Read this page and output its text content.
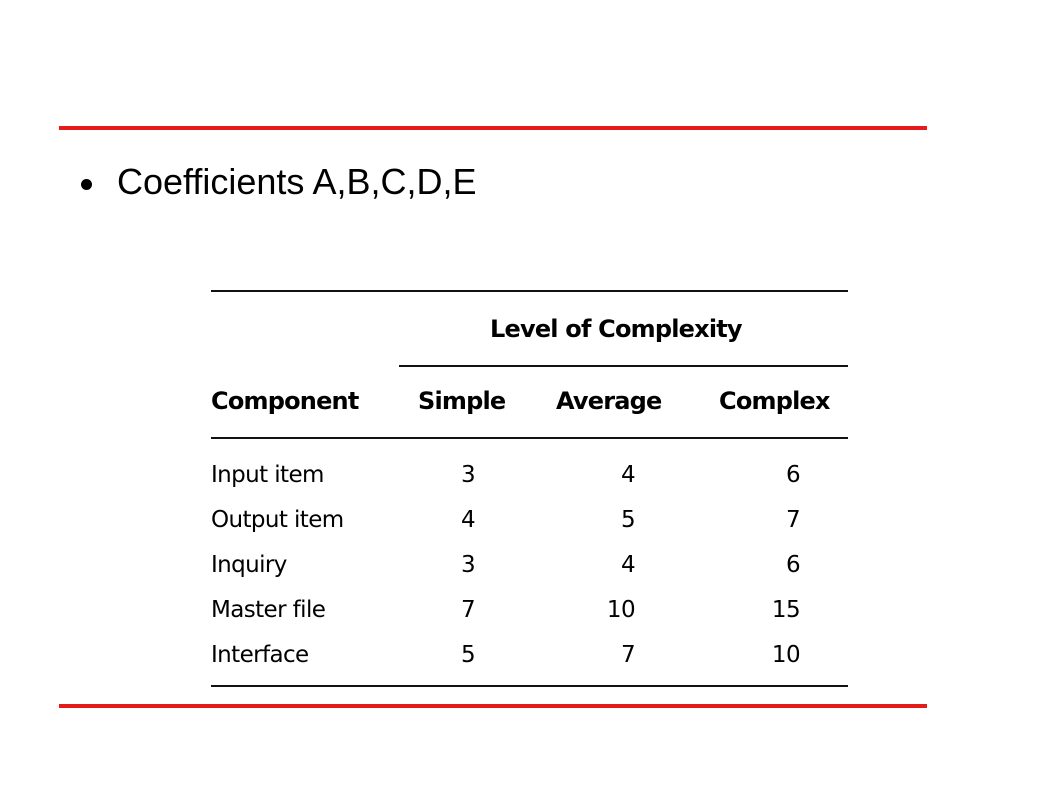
Coefficients A,B,C,D,E
Level of Complexity
Component Simple Average Complex
Input item	3	4	6
Output item	4	5	7
Inquiry	3	4	6
Master file	7	10	15
Interface	5	7	10
